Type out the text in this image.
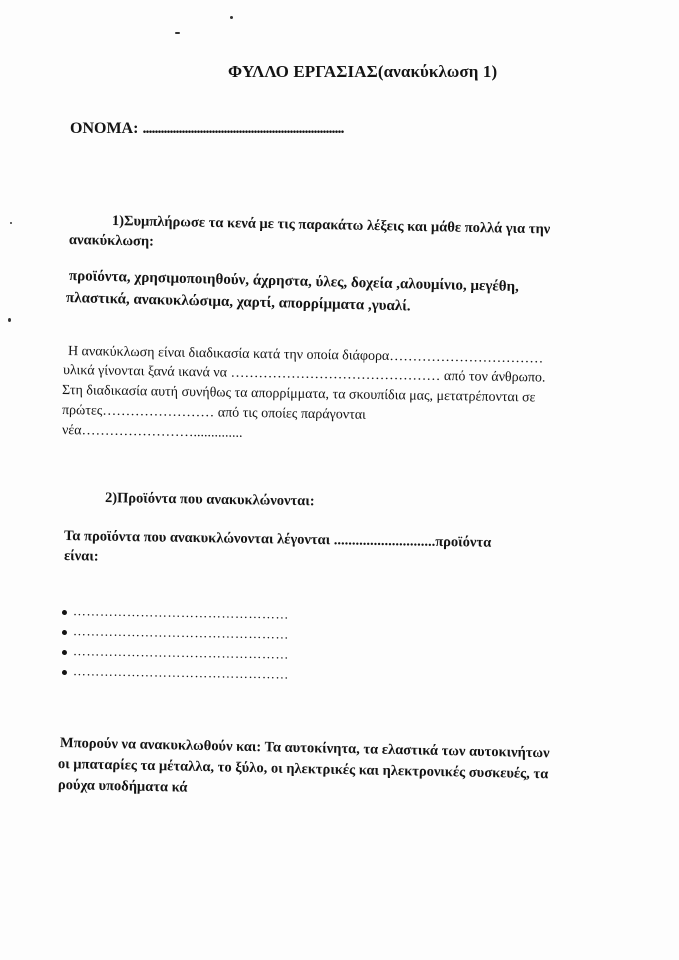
ΦΥΛΛΟ ΕΡΓΑΣΙΑΣ(ανακύκλωση 1)
ΟΝΟΜΑ: ...................................................................
1)Συμπλήρωσε τα κενά με τις παρακάτω λέξεις και μάθε πολλά για την
ανακύκλωση:
προϊόντα, χρησιμοποιηθούν, άχρηστα, ύλες, δοχεία ,αλουμίνιο, μεγέθη,
πλαστικά, ανακυκλώσιμα, χαρτί, απορρίμματα ,γυαλί.
Η ανακύκλωση είναι διαδικασία κατά την οποία διάφορα……………………………
υλικά γίνονται ξανά ικανά να ……………………………………… από τον άνθρωπο.
Στη διαδικασία αυτή συνήθως τα απορρίμματα, τα σκουπίδια μας, μετατρέπονται σε
πρώτες…………………… από τις οποίες παράγονται
νέα……………………..............
2)Προϊόντα που ανακυκλώνονται:
Τα προϊόντα που ανακυκλώνονται λέγονται ............................προϊόντα
είναι:
…………………………………………
…………………………………………
…………………………………………
…………………………………………
Μπορούν να ανακυκλωθούν και: Τα αυτοκίνητα, τα ελαστικά των αυτοκινήτων
οι μπαταρίες τα μέταλλα, το ξύλο, οι ηλεκτρικές και ηλεκτρονικές συσκευές, τα
ρούχα υποδήματα κά
